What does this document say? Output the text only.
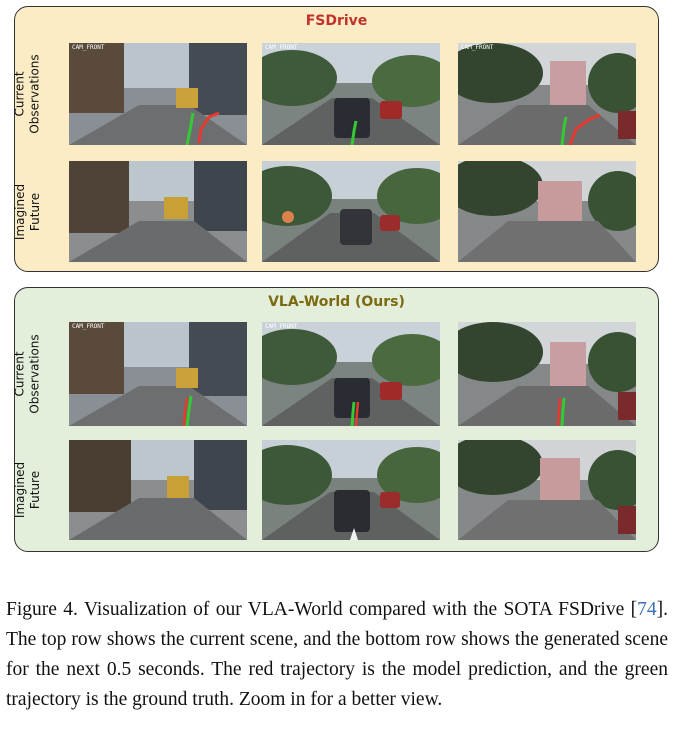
FSDrive
Current
Observations
Imagined
Future
VLA-World (Ours)
Current
Observations
Imagined
Future
CAM_FRONT	CAM_FRONT	CAM_FRONT
CAM_FRONT	CAM_FRONT
Figure 4. Visualization of our VLA-World compared with the SOTA FSDrive [74]. The top row shows the current scene, and the bottom row shows the generated scene for the next 0.5 seconds. The red trajectory is the model prediction, and the green trajectory is the ground truth. Zoom in for a better view.
